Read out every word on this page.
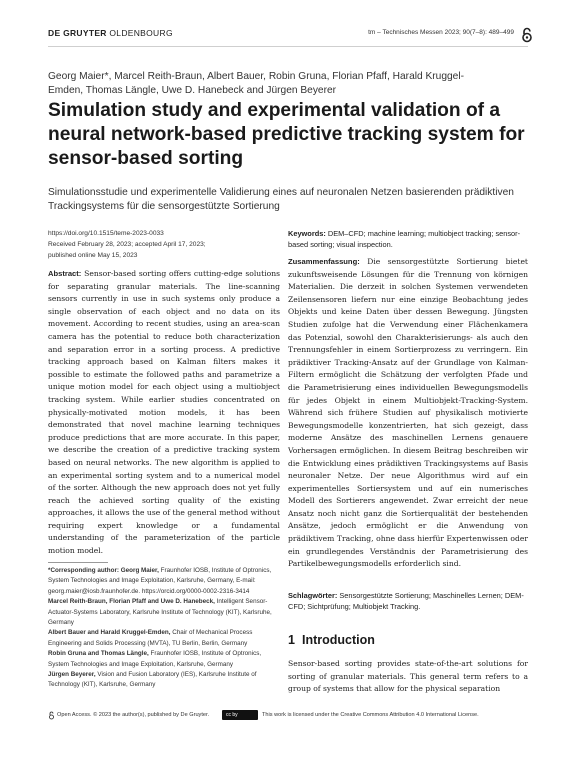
DE GRUYTER OLDENBOURG	tm – Technisches Messen 2023; 90(7–8): 489–499
Georg Maier*, Marcel Reith-Braun, Albert Bauer, Robin Gruna, Florian Pfaff, Harald Kruggel-Emden, Thomas Längle, Uwe D. Hanebeck and Jürgen Beyerer
Simulation study and experimental validation of a neural network-based predictive tracking system for sensor-based sorting
Simulationsstudie und experimentelle Validierung eines auf neuronalen Netzen basierenden prädiktiven Trackingsystems für die sensorgestützte Sortierung
https://doi.org/10.1515/teme-2023-0033
Received February 28, 2023; accepted April 17, 2023;
published online May 15, 2023
Abstract: Sensor-based sorting offers cutting-edge solutions for separating granular materials. The line-scanning sensors currently in use in such systems only produce a single observation of each object and no data on its movement. According to recent studies, using an area-scan camera has the potential to reduce both characterization and separation error in a sorting process. A predictive tracking approach based on Kalman filters makes it possible to estimate the followed paths and parametrize a unique motion model for each object using a multiobject tracking system. While earlier studies concentrated on physically-motivated motion models, it has been demonstrated that novel machine learning techniques produce predictions that are more accurate. In this paper, we describe the creation of a predictive tracking system based on neural networks. The new algorithm is applied to an experimental sorting system and to a numerical model of the sorter. Although the new approach does not yet fully reach the achieved sorting quality of the existing approaches, it allows the use of the general method without requiring expert knowledge or a fundamental understanding of the parameterization of the particle motion model.
*Corresponding author: Georg Maier, Fraunhofer IOSB, Institute of Optronics, System Technologies and Image Exploitation, Karlsruhe, Germany, E-mail: georg.maier@iosb.fraunhofer.de. https://orcid.org/0000-0002-2316-3414
Marcel Reith-Braun, Florian Pfaff and Uwe D. Hanebeck, Intelligent Sensor-Actuator-Systems Laboratory, Karlsruhe Institute of Technology (KIT), Karlsruhe, Germany
Albert Bauer and Harald Kruggel-Emden, Chair of Mechanical Process Engineering and Solids Processing (MVTA), TU Berlin, Berlin, Germany
Robin Gruna and Thomas Längle, Fraunhofer IOSB, Institute of Optronics, System Technologies and Image Exploitation, Karlsruhe, Germany
Jürgen Beyerer, Vision and Fusion Laboratory (IES), Karlsruhe Institute of Technology (KIT), Karlsruhe, Germany
Keywords: DEM–CFD; machine learning; multiobject tracking; sensor-based sorting; visual inspection.
Zusammenfassung: Die sensorgestützte Sortierung bietet zukunftsweisende Lösungen für die Trennung von körnigen Materialien. Die derzeit in solchen Systemen verwendeten Zeilensensoren liefern nur eine einzige Beobachtung jedes Objekts und keine Daten über dessen Bewegung. Jüngsten Studien zufolge hat die Verwendung einer Flächenkamera das Potenzial, sowohl den Charakterisierungs- als auch den Trennungsfehler in einem Sortierprozess zu verringern. Ein prädiktiver Tracking-Ansatz auf der Grundlage von Kalman-Filtern ermöglicht die Schätzung der verfolgten Pfade und die Parametrisierung eines individuellen Bewegungsmodells für jedes Objekt in einem Multiobjekt-Tracking-System. Während sich frühere Studien auf physikalisch motivierte Bewegungsmodelle konzentrierten, hat sich gezeigt, dass moderne Ansätze des maschinellen Lernens genauere Vorhersagen ermöglichen. In diesem Beitrag beschreiben wir die Entwicklung eines prädiktiven Trackingsystems auf Basis neuronaler Netze. Der neue Algorithmus wird auf ein experimentelles Sortiersystem und auf ein numerisches Modell des Sortierers angewendet. Zwar erreicht der neue Ansatz noch nicht ganz die Sortierqualität der bestehenden Ansätze, jedoch ermöglicht er die Anwendung von prädiktivem Tracking, ohne dass hierfür Expertenwissen oder ein grundlegendes Verständnis der Parametrisierung des Partikelbewegungsmodells erforderlich sind.
Schlagwörter: Sensorgestützte Sortierung; Maschinelles Lernen; DEM-CFD; Sichtprüfung; Multiobjekt Tracking.
1 Introduction
Sensor-based sorting provides state-of-the-art solutions for sorting of granular materials. This general term refers to a group of systems that allow for the physical separation
Open Access. © 2023 the author(s), published by De Gruyter.	cc by	This work is licensed under the Creative Commons Attribution 4.0 International License.
